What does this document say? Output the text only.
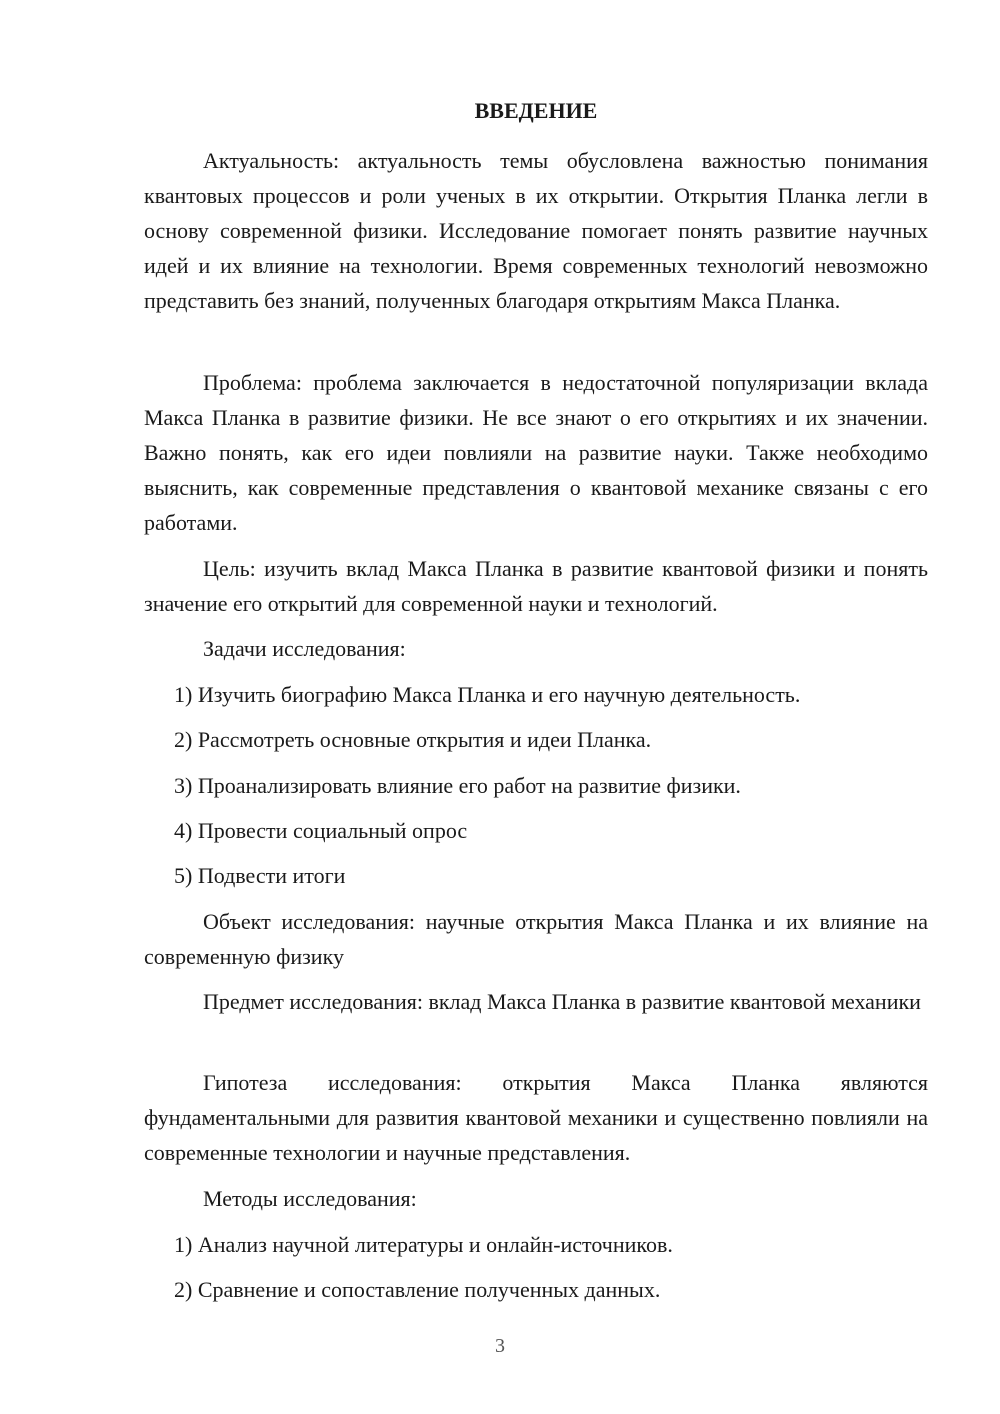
ВВЕДЕНИЕ

Актуальность: актуальность темы обусловлена важностью понимания квантовых процессов и роли ученых в их открытии. Открытия Планка легли в основу современной физики. Исследование помогает понять развитие научных идей и их влияние на технологии. Время современных технологий невозможно представить без знаний, полученных благодаря открытиям Макса Планка.

Проблема: проблема заключается в недостаточной популяризации вклада Макса Планка в развитие физики. Не все знают о его открытиях и их значении. Важно понять, как его идеи повлияли на развитие науки. Также необходимо выяснить, как современные представления о квантовой механике связаны с его работами.

Цель: изучить вклад Макса Планка в развитие квантовой физики и понять значение его открытий для современной науки и технологий.

Задачи исследования:
1) Изучить биографию Макса Планка и его научную деятельность.
2) Рассмотреть основные открытия и идеи Планка.
3) Проанализировать влияние его работ на развитие физики.
4) Провести социальный опрос
5) Подвести итоги

Объект исследования: научные открытия Макса Планка и их влияние на современную физику

Предмет исследования: вклад Макса Планка в развитие квантовой механики

Гипотеза исследования: открытия Макса Планка являются фундаментальными для развития квантовой механики и существенно повлияли на современные технологии и научные представления.

Методы исследования:
1) Анализ научной литературы и онлайн-источников.
2) Сравнение и сопоставление полученных данных.
3
